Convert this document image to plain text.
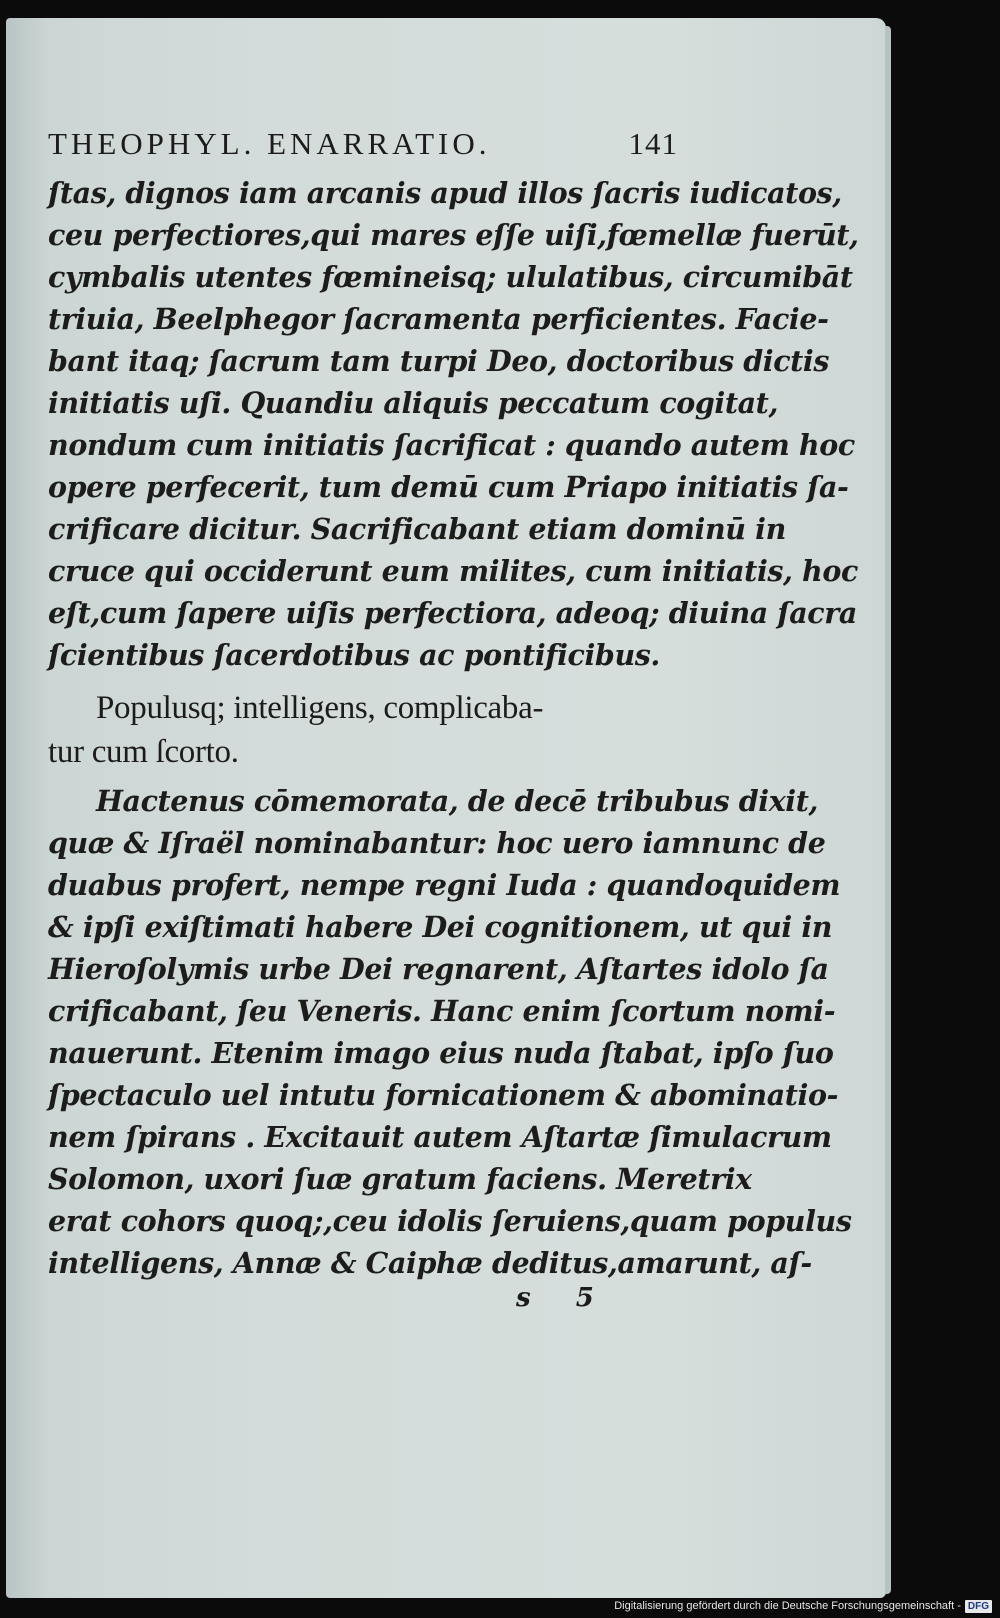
THEOPHYL. ENARRATIO.	141
ſtas, dignos iam arcanis apud illos ſacris iudicatos,
ceu perfectiores,qui mares eſſe uiſi,fœmellæ fuerūt,
cymbalis utentes fœmineisq; ululatibus, circumibāt
triuia, Beelphegor ſacramenta perficientes. Facie-
bant itaq; ſacrum tam turpi Deo, doctoribus dictis
initiatis uſi. Quandiu aliquis peccatum cogitat,
nondum cum initiatis ſacrificat : quando autem hoc
opere perfecerit, tum demū cum Priapo initiatis ſa-
crificare dicitur. Sacrificabant etiam dominū in
cruce qui occiderunt eum milites, cum initiatis, hoc
eſt,cum ſapere uiſis perfectiora, adeoq; diuina ſacra
ſcientibus ſacerdotibus ac pontificibus.
Populusq; intelligens, complicaba-
tur cum ſcorto.
Hactenus cōmemorata, de decē tribubus dixit,
quæ & Iſraël nominabantur: hoc uero iamnunc de
duabus profert, nempe regni Iuda : quandoquidem
& ipſi exiſtimati habere Dei cognitionem, ut qui in
Hieroſolymis urbe Dei regnarent, Aſtartes idolo ſa
crificabant, ſeu Veneris. Hanc enim ſcortum nomi-
nauerunt. Etenim imago eius nuda ſtabat, ipſo ſuo
ſpectaculo uel intutu fornicationem & abominatio-
nem ſpirans . Excitauit autem Aſtartæ ſimulacrum
Solomon, uxori ſuæ gratum faciens. Meretrix
erat cohors quoq;,ceu idolis ſeruiens,quam populus
intelligens, Annæ & Caiphæ deditus,amarunt, aſ-
s 5
Digitalisierung gefördert durch die Deutsche Forschungsgemeinschaft - DFG
